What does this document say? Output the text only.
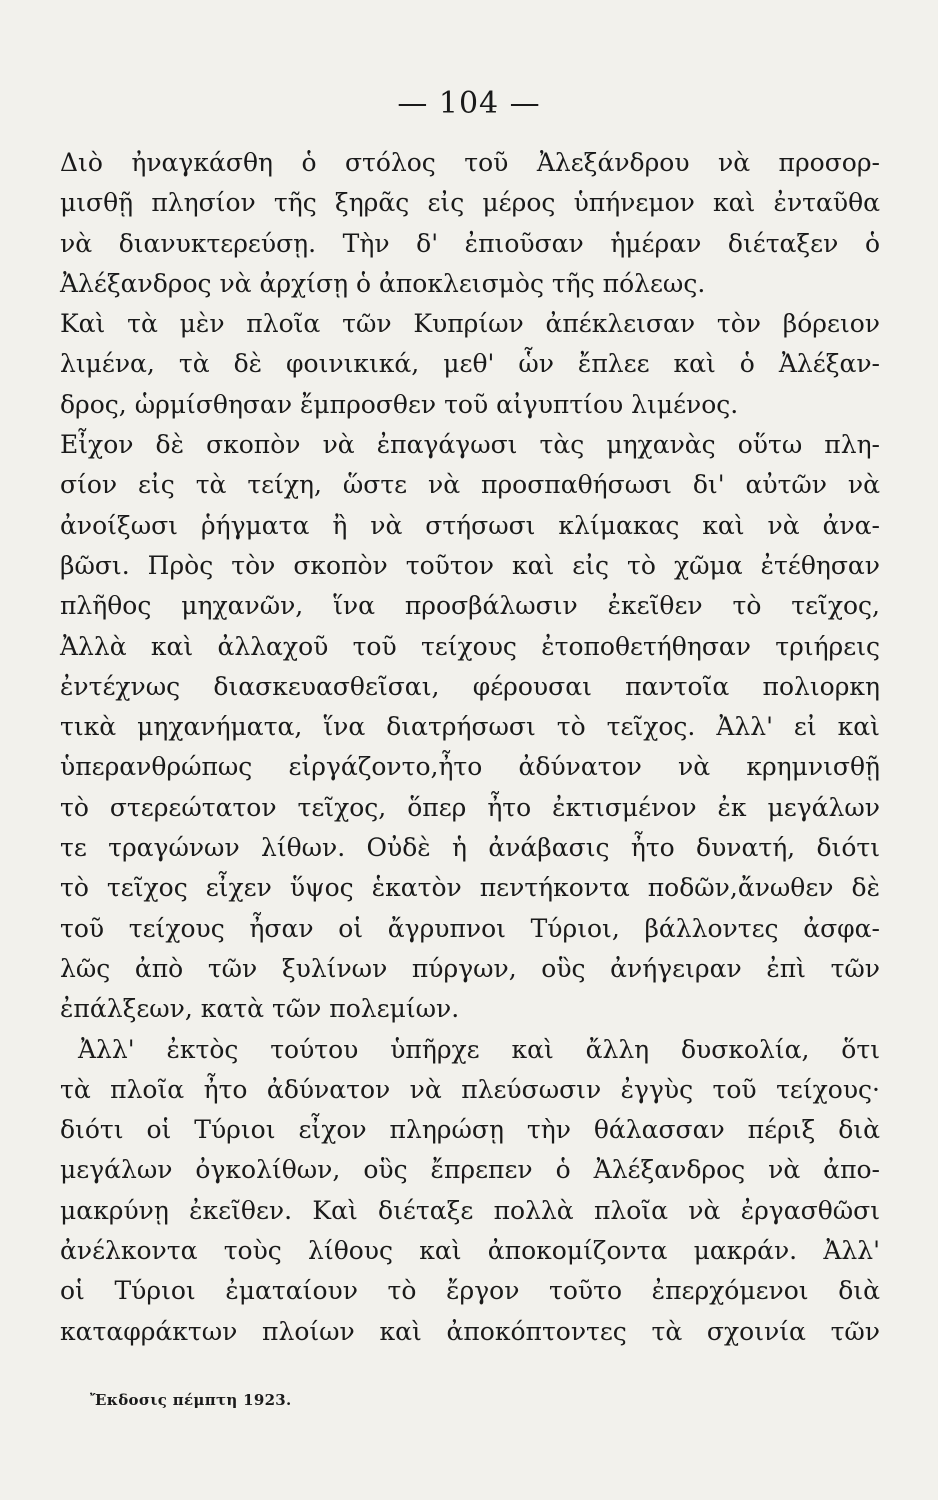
— 104 —
Διὸ ἠναγκάσθη ὁ στόλος τοῦ Ἀλεξάνδρου νὰ προσορ-
μισθῇ πλησίον τῆς ξηρᾶς εἰς μέρος ὑπήνεμον καὶ ἐνταῦθα
νὰ διανυκτερεύσῃ. Τὴν δ' ἐπιοῦσαν ἡμέραν διέταξεν ὁ
Ἀλέξανδρος νὰ ἀρχίσῃ ὁ ἀποκλεισμὸς τῆς πόλεως.
Καὶ τὰ μὲν πλοῖα τῶν Κυπρίων ἀπέκλεισαν τὸν βόρειον
λιμένα, τὰ δὲ φοινικικά, μεθ' ὧν ἔπλεε καὶ ὁ Ἀλέξαν-
δρος, ὡρμίσθησαν ἔμπροσθεν τοῦ αἰγυπτίου λιμένος.
Εἶχον δὲ σκοπὸν νὰ ἐπαγάγωσι τὰς μηχανὰς οὕτω πλη-
σίον εἰς τὰ τείχη, ὥστε νὰ προσπαθήσωσι δι' αὐτῶν νὰ
ἀνοίξωσι ῥήγματα ἢ νὰ στήσωσι κλίμακας καὶ νὰ ἀνα-
βῶσι. Πρὸς τὸν σκοπὸν τοῦτον καὶ εἰς τὸ χῶμα ἐτέθησαν
πλῆθος μηχανῶν, ἵνα προσβάλωσιν ἐκεῖθεν τὸ τεῖχος,
Ἀλλὰ καὶ ἀλλαχοῦ τοῦ τείχους ἐτοποθετήθησαν τριήρεις
ἐντέχνως διασκευασθεῖσαι, φέρουσαι παντοῖα πολιορκη
τικὰ μηχανήματα, ἵνα διατρήσωσι τὸ τεῖχος. Ἀλλ' εἰ καὶ
ὑπερανθρώπως εἰργάζοντο,ἦτο ἀδύνατον νὰ κρημνισθῇ
τὸ στερεώτατον τεῖχος, ὅπερ ἦτο ἐκτισμένον ἐκ μεγάλων
τε τραγώνων λίθων. Οὐδὲ ἡ ἀνάβασις ἦτο δυνατή, διότι
τὸ τεῖχος εἶχεν ὕψος ἑκατὸν πεντήκοντα ποδῶν,ἄνωθεν δὲ
τοῦ τείχους ἦσαν οἱ ἄγρυπνοι Τύριοι, βάλλοντες ἀσφα-
λῶς ἀπὸ τῶν ξυλίνων πύργων, οὓς ἀνήγειραν ἐπὶ τῶν
ἐπάλξεων, κατὰ τῶν πολεμίων.
Ἀλλ' ἐκτὸς τούτου ὑπῆρχε καὶ ἄλλη δυσκολία, ὅτι
τὰ πλοῖα ἦτο ἀδύνατον νὰ πλεύσωσιν ἐγγὺς τοῦ τείχους·
διότι οἱ Τύριοι εἶχον πληρώσῃ τὴν θάλασσαν πέριξ διὰ
μεγάλων ὀγκολίθων, οὓς ἔπρεπεν ὁ Ἀλέξανδρος νὰ ἀπο-
μακρύνῃ ἐκεῖθεν. Καὶ διέταξε πολλὰ πλοῖα νὰ ἐργασθῶσι
ἀνέλκοντα τοὺς λίθους καὶ ἀποκομίζοντα μακράν. Ἀλλ'
οἱ Τύριοι ἐματαίουν τὸ ἔργον τοῦτο ἐπερχόμενοι διὰ
καταφράκτων πλοίων καὶ ἀποκόπτοντες τὰ σχοινία τῶν
Ἔκδοσις πέμπτη 1923.
